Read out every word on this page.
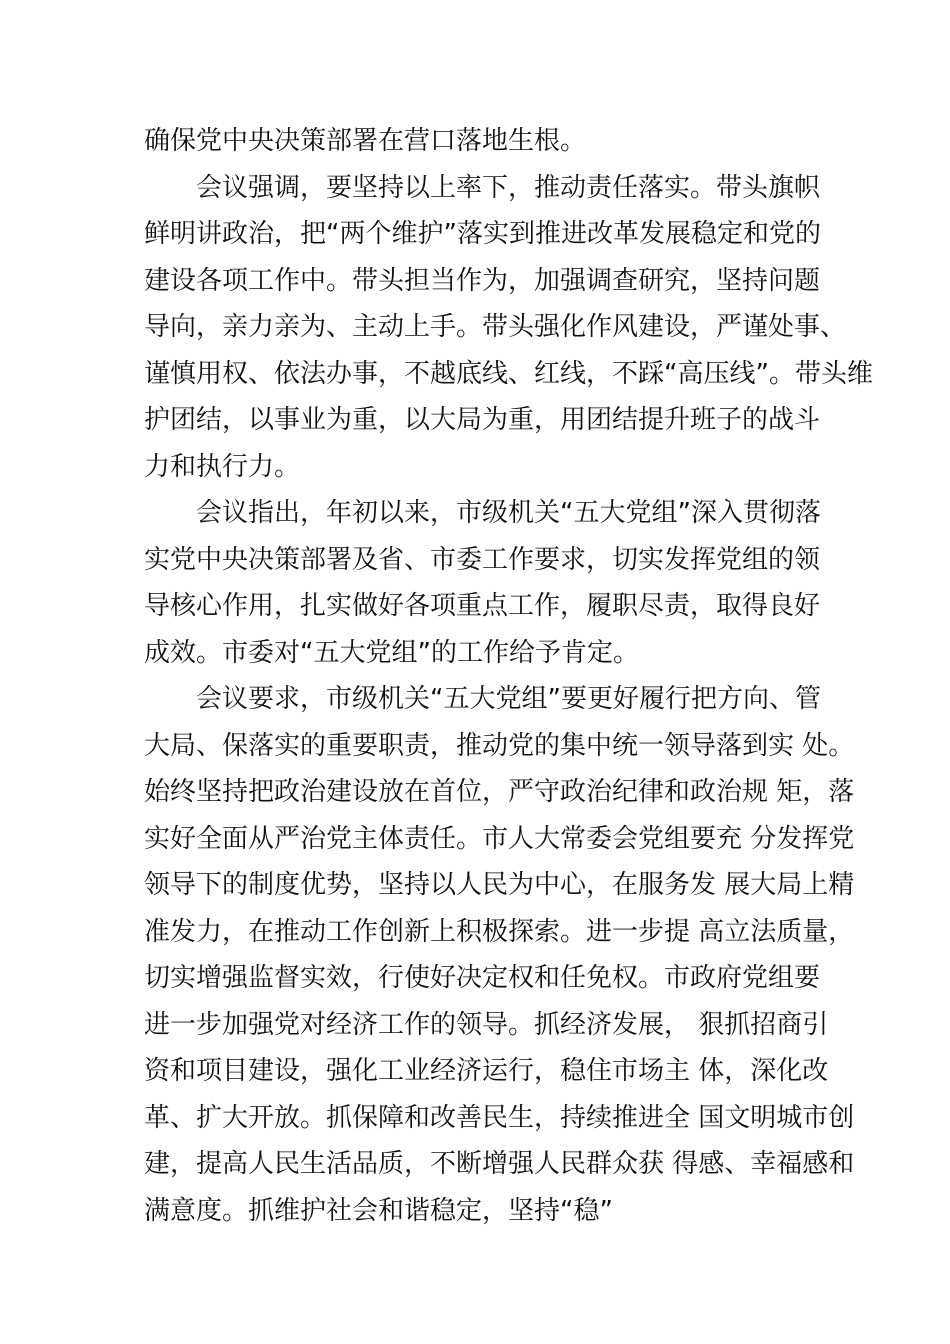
确保党中央决策部署在营口落地生根。
会议强调，要坚持以上率下，推动责任落实。带头旗帜
鲜明讲政治，把“两个维护”落实到推进改革发展稳定和党的
建设各项工作中。带头担当作为，加强调查研究，坚持问题
导向，亲力亲为、主动上手。带头强化作风建设，严谨处事、
谨慎用权、依法办事，不越底线、红线，不踩“高压线”。带头维
护团结，以事业为重，以大局为重，用团结提升班子的战斗
力和执行力。
会议指出，年初以来，市级机关“五大党组”深入贯彻落
实党中央决策部署及省、市委工作要求，切实发挥党组的领
导核心作用，扎实做好各项重点工作，履职尽责，取得良好
成效。市委对“五大党组”的工作给予肯定。
会议要求，市级机关“五大党组”要更好履行把方向、管
大局、保落实的重要职责，推动党的集中统一领导落到实 处。
始终坚持把政治建设放在首位，严守政治纪律和政治规 矩，落
实好全面从严治党主体责任。市人大常委会党组要充 分发挥党
领导下的制度优势，坚持以人民为中心，在服务发 展大局上精
准发力，在推动工作创新上积极探索。进一步提 高立法质量，
切实增强监督实效，行使好决定权和任免权。市政府党组要
进一步加强党对经济工作的领导。抓经济发展， 狠抓招商引
资和项目建设，强化工业经济运行，稳住市场主 体，深化改
革、扩大开放。抓保障和改善民生，持续推进全 国文明城市创
建，提高人民生活品质，不断增强人民群众获 得感、幸福感和
满意度。抓维护社会和谐稳定，坚持“稳”
